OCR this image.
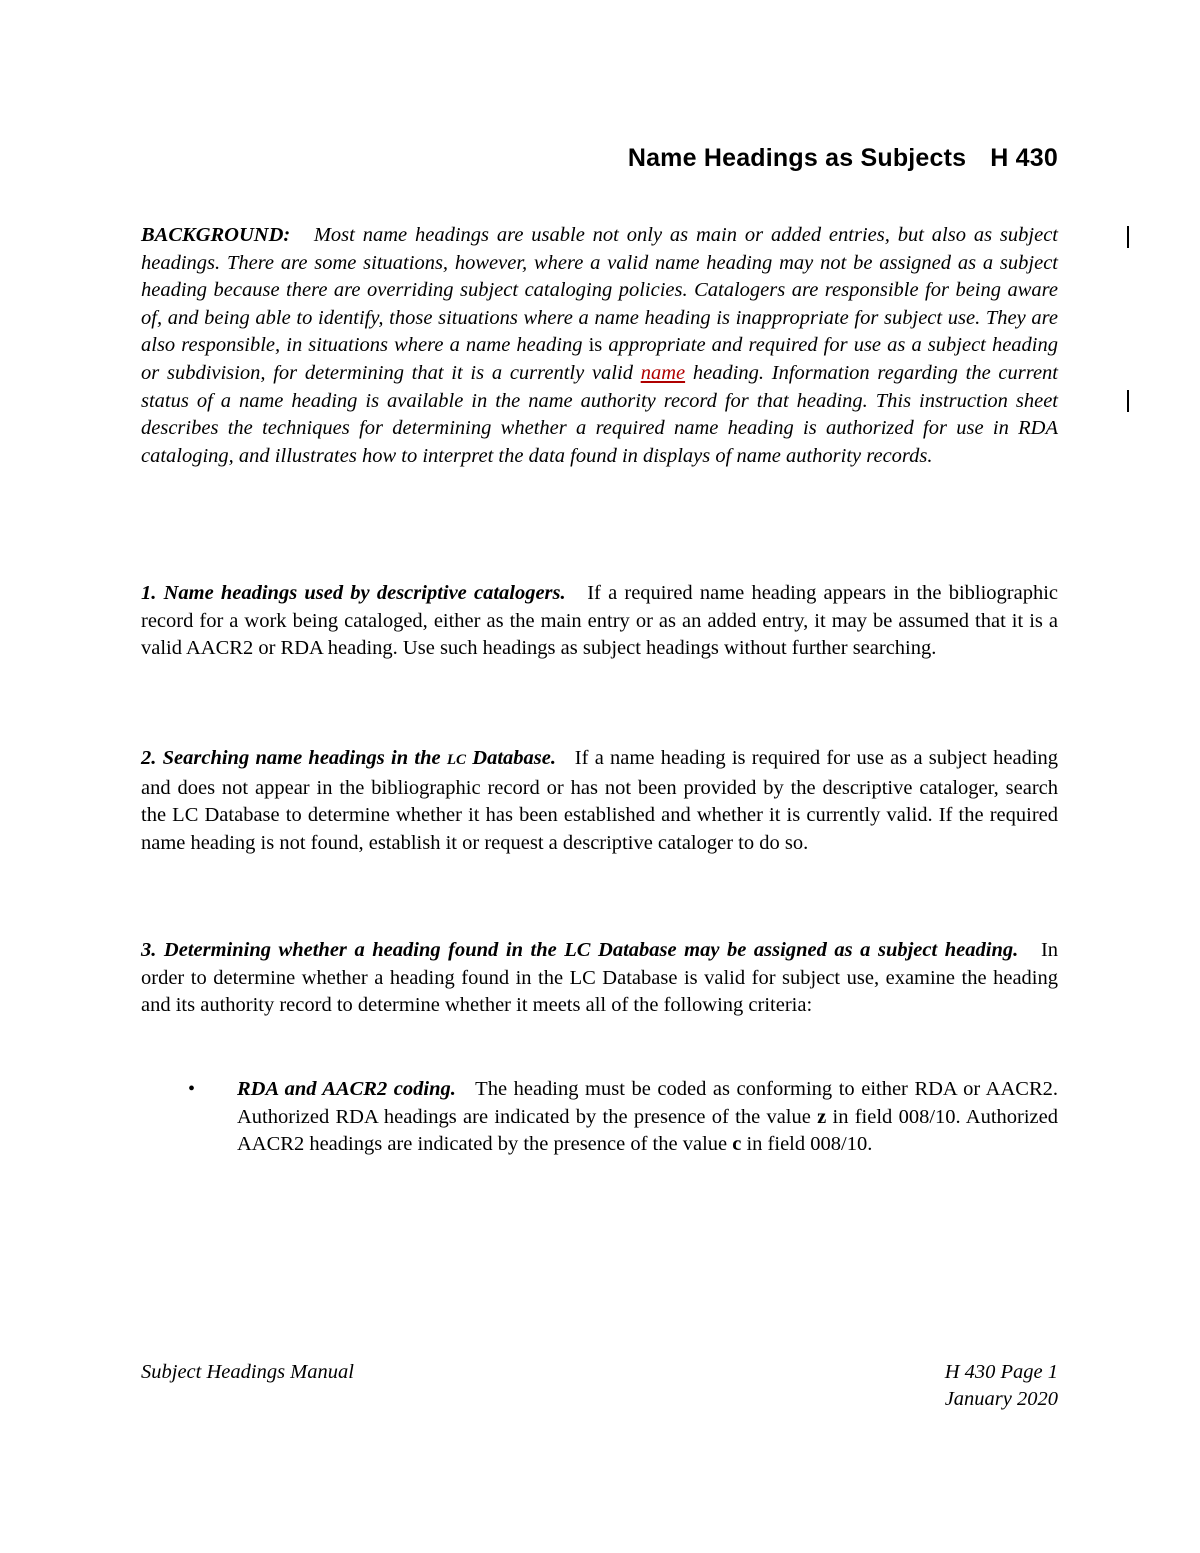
Name Headings as Subjects H 430

BACKGROUND: Most name headings are usable not only as main or added entries, but also as subject headings. There are some situations, however, where a valid name heading may not be assigned as a subject heading because there are overriding subject cataloging policies. Catalogers are responsible for being aware of, and being able to identify, those situations where a name heading is inappropriate for subject use. They are also responsible, in situations where a name heading is appropriate and required for use as a subject heading or subdivision, for determining that it is a currently valid name heading. Information regarding the current status of a name heading is available in the name authority record for that heading. This instruction sheet describes the techniques for determining whether a required name heading is authorized for use in RDA cataloging, and illustrates how to interpret the data found in displays of name authority records.

1. Name headings used by descriptive catalogers. If a required name heading appears in the bibliographic record for a work being cataloged, either as the main entry or as an added entry, it may be assumed that it is a valid AACR2 or RDA heading. Use such headings as subject headings without further searching.

2. Searching name headings in the LC Database. If a name heading is required for use as a subject heading and does not appear in the bibliographic record or has not been provided by the descriptive cataloger, search the LC Database to determine whether it has been established and whether it is currently valid. If the required name heading is not found, establish it or request a descriptive cataloger to do so.

3. Determining whether a heading found in the LC Database may be assigned as a subject heading. In order to determine whether a heading found in the LC Database is valid for subject use, examine the heading and its authority record to determine whether it meets all of the following criteria:

• RDA and AACR2 coding. The heading must be coded as conforming to either RDA or AACR2. Authorized RDA headings are indicated by the presence of the value z in field 008/10. Authorized AACR2 headings are indicated by the presence of the value c in field 008/10.

Subject Headings Manual	H 430 Page 1
January 2020
